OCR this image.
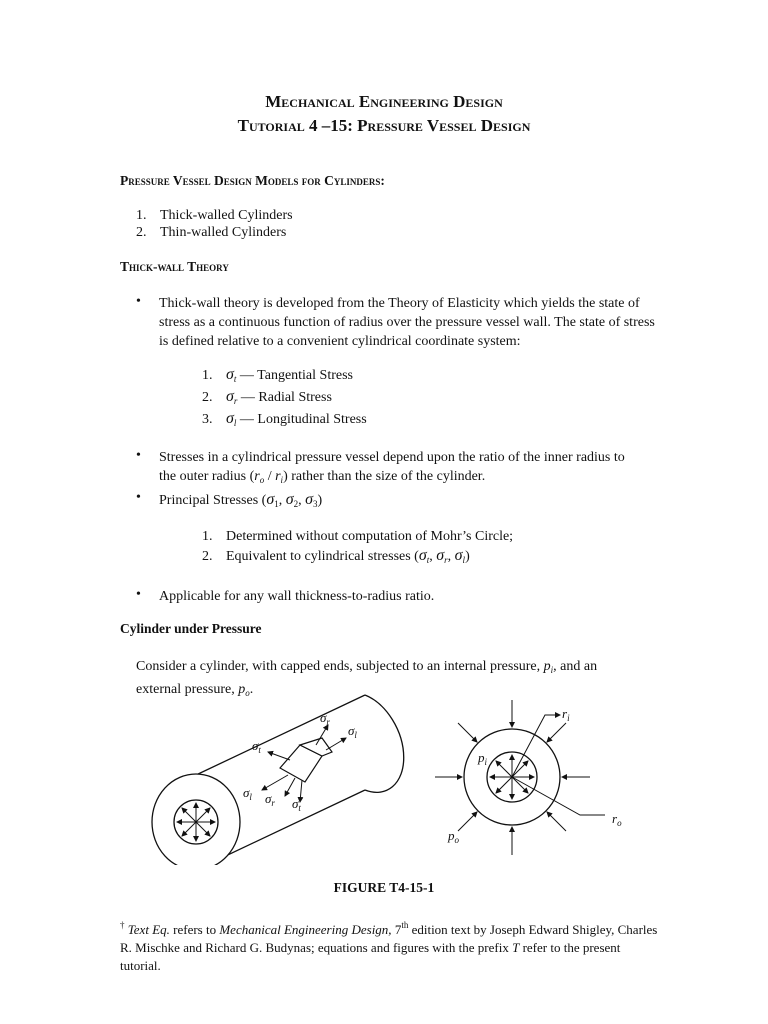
Mechanical Engineering Design
Tutorial 4 –15: Pressure Vessel Design
Pressure Vessel Design Models for Cylinders:
1. Thick-walled Cylinders
2. Thin-walled Cylinders
Thick-wall Theory
• Thick-wall theory is developed from the Theory of Elasticity which yields the state of stress as a continuous function of radius over the pressure vessel wall. The state of stress is defined relative to a convenient cylindrical coordinate system:
1. $\sigma_t$ — Tangential Stress
2. $\sigma_r$ — Radial Stress
3. $\sigma_l$ — Longitudinal Stress
• Stresses in a cylindrical pressure vessel depend upon the ratio of the inner radius to
the outer radius $(r_o / r_i)$ rather than the size of the cylinder.
• Principal Stresses ($\sigma_1$, $\sigma_2$, $\sigma_3$)
1. Determined without computation of Mohr’s Circle;
2. Equivalent to cylindrical stresses ($\sigma_t$, $\sigma_r$, $\sigma_l$)
• Applicable for any wall thickness-to-radius ratio.
Cylinder under Pressure
Consider a cylinder, with capped ends, subjected to an internal pressure, $p_i$, and an
external pressure, $p_o$.
$\sigma_r$
$\sigma_l$
$\sigma_t$
$\sigma_l$ $\sigma_r$ $\sigma_t$
$r_i$
$r_o$
$p_i$
$p_o$
FIGURE T4-15-1
† Text Eq. refers to Mechanical Engineering Design, 7th edition text by Joseph Edward Shigley, Charles
R. Mischke and Richard G. Budynas; equations and figures with the prefix T refer to the present tutorial.
